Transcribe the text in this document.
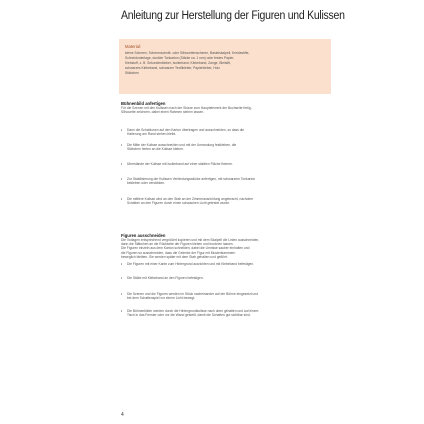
Anleitung zur Herstellung der Figuren und Kulissen
Material:
kleine Scheren, Scherenschnitt- oder Silhouettenscheren, Bastelskalpell, Kreidestifte,
Schneidunterlage, dunkler Tonkarton (Stärke ca. 1 mm) oder festes Papier,
Klebstoff, z. B. Sekundenkleber, Isolierband, Klebeband, Zange, Bleistift,
schwarzes Klebeband, schwarzer Textilkleber, Papierkleber, Holz
Stäbchen
Bühnenbild anfertigen
Für die Szenen mit den Kulissen nach der Skizze zum Hauptelement der Buchseite fertig,
Silhouette zeichnen, dabei einen Rahmen stehen lassen.
• Dann die Schablonen auf den Karton übertragen und ausschneiden, so dass die
Halterung am Rand stehen bleibt.
• Die Mitte der Kulisse ausschneiden und mit der Umrandung festkleben, die
Stäbchen hinten an die Kulisse kleben.
• Überstände der Kulisse mit Isolierband auf einer stabilen Fläche fixieren.
• Zur Stabilisierung der Kulissen Verbindungsstücke anfertigen, mit schwarzem Tonkarton
bekleben oder verstärken.
• Die mittlere Kulisse wird an den Stab an der Zimmerausrichtung angebracht, nachdem
Schatten an den Figuren durch einen schwachen Licht getestet wurde.
Figuren ausschneiden
Die Vorlagen entsprechend vergrößert kopieren und mit dem Skalpell die Linien ausschneiden,
dann die Stäbchen an die Rückseite der Figuren kleben und trocknen lassen.
Die Figuren einzeln aus dem Karton schneiden, dabei die Umrisse sauber einhalten und
die Figuren so ausschneiden, dass die Gelenke der Figur mit Musterklammern
beweglich bleiben. Sie werden später mit dem Stab gehalten und geführt.
• Die Figuren mit einer Kante zum Hintergrund ausrichten und mit Klebeband befestigen.
• Die Stäbe mit Klebeband an den Figuren befestigen.
• Die Szenen und die Figuren werden im Stück nacheinander auf der Bühne eingesetzt und
bei dem Schattenspiel vor einem Licht bewegt.
• Die Bühnenbilder werden durch die Hintergrundkulisse nach oben gehalten und auf einem
Tisch in das Fenster oder vor die Wand gestellt, damit die Schatten gut sichtbar sind.
4
